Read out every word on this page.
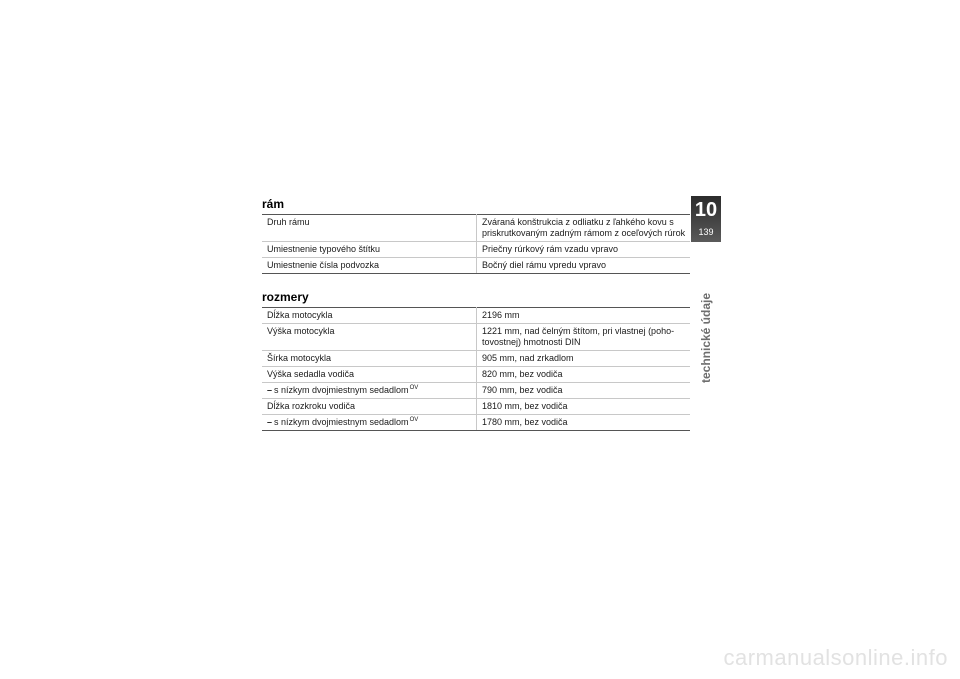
rám
Druh rámu	Zváraná konštrukcia z odliatku z ľahkého kovu s priskrutkovaným zadným rámom z oceľových rúrok
Umiestnenie typového štítku	Priečny rúrkový rám vzadu vpravo
Umiestnenie čísla podvozka	Bočný diel rámu vpredu vpravo
rozmery
Dĺžka motocykla	2196 mm
Výška motocykla	1221 mm, nad čelným štítom, pri vlastnej (poho-tovostnej) hmotnosti DIN
Šírka motocykla	905 mm, nad zrkadlom
Výška sedadla vodiča	820 mm, bez vodiča
– s nízkym dvojmiestnym sedadlom$^{OV}$	790 mm, bez vodiča
Dĺžka rozkroku vodiča	1810 mm, bez vodiča
– s nízkym dvojmiestnym sedadlom$^{OV}$	1780 mm, bez vodiča
10
139
technické údaje
carmanualsonline.info
